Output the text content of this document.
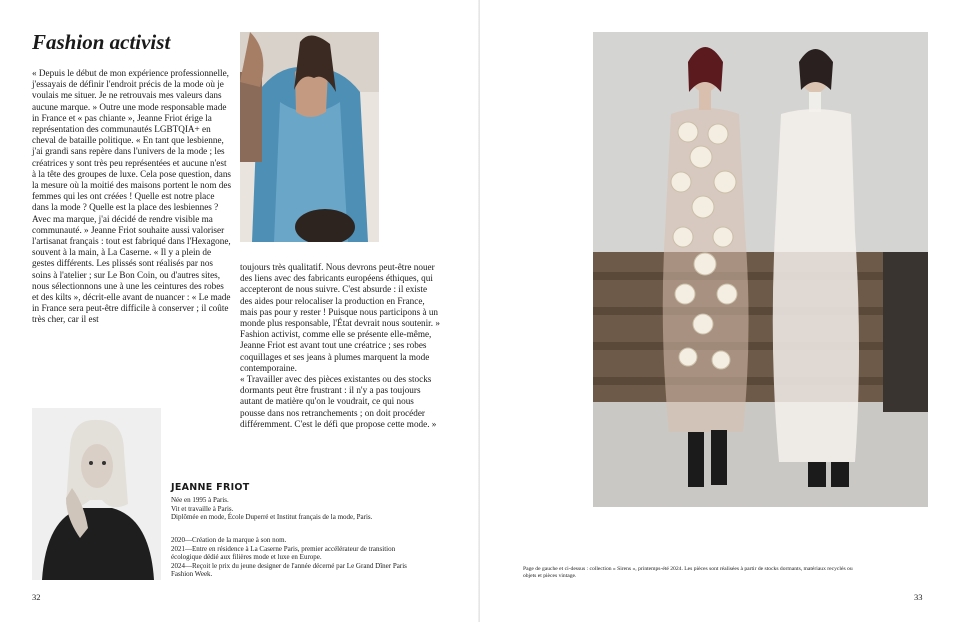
Fashion activist

« Depuis le début de mon expérience professionnelle, j'essayais de définir l'endroit précis de la mode où je voulais me situer. Je ne retrouvais mes valeurs dans aucune marque. » Outre une mode responsable made in France et « pas chiante », Jeanne Friot érige la représentation des communautés LGBTQIA+ en cheval de bataille politique. « En tant que lesbienne, j'ai grandi sans repère dans l'univers de la mode ; les créatrices y sont très peu représentées et aucune n'est à la tête des groupes de luxe. Cela pose question, dans la mesure où la moitié des maisons portent le nom des femmes qui les ont créées ! Quelle est notre place dans la mode ? Quelle est la place des lesbiennes ? Avec ma marque, j'ai décidé de rendre visible ma communauté. » Jeanne Friot souhaite aussi valoriser l'artisanat français : tout est fabriqué dans l'Hexagone, souvent à la main, à La Caserne. « Il y a plein de gestes différents. Les plissés sont réalisés par nos soins à l'atelier ; sur Le Bon Coin, ou d'autres sites, nous sélectionnons une à une les ceintures des robes et des kilts », décrit-elle avant de nuancer : « Le made in France sera peut-être difficile à conserver ; il coûte très cher, car il est

toujours très qualitatif. Nous devrons peut-être nouer des liens avec des fabricants européens éthiques, qui accepteront de nous suivre. C'est absurde : il existe des aides pour relocaliser la production en France, mais pas pour y rester ! Puisque nous participons à un monde plus responsable, l'État devrait nous soutenir. » Fashion activist, comme elle se présente elle-même, Jeanne Friot est avant tout une créatrice ; ses robes coquillages et ses jeans à plumes marquent la mode contemporaine.

« Travailler avec des pièces existantes ou des stocks dormants peut être frustrant : il n'y a pas toujours autant de matière qu'on le voudrait, ce qui nous pousse dans nos retranchements ; on doit procéder différemment. C'est le défi que propose cette mode. »

JEANNE FRIOT

Née en 1995 à Paris.

Vit et travaille à Paris.

Diplômée en mode, École Duperré et Institut français de la mode, Paris.

2020—Création de la marque à son nom.

2021—Entre en résidence à La Caserne Paris, premier accélérateur de transition écologique dédié aux filières mode et luxe en Europe.

2024—Reçoit le prix du jeune designer de l'année décerné par Le Grand Dîner Paris Fashion Week.

32	33

Page de gauche et ci-dessus : collection « Sirens », printemps-été 2024. Les pièces sont réalisées à partir de stocks dormants, matériaux recyclés ou objets et pièces vintage.
